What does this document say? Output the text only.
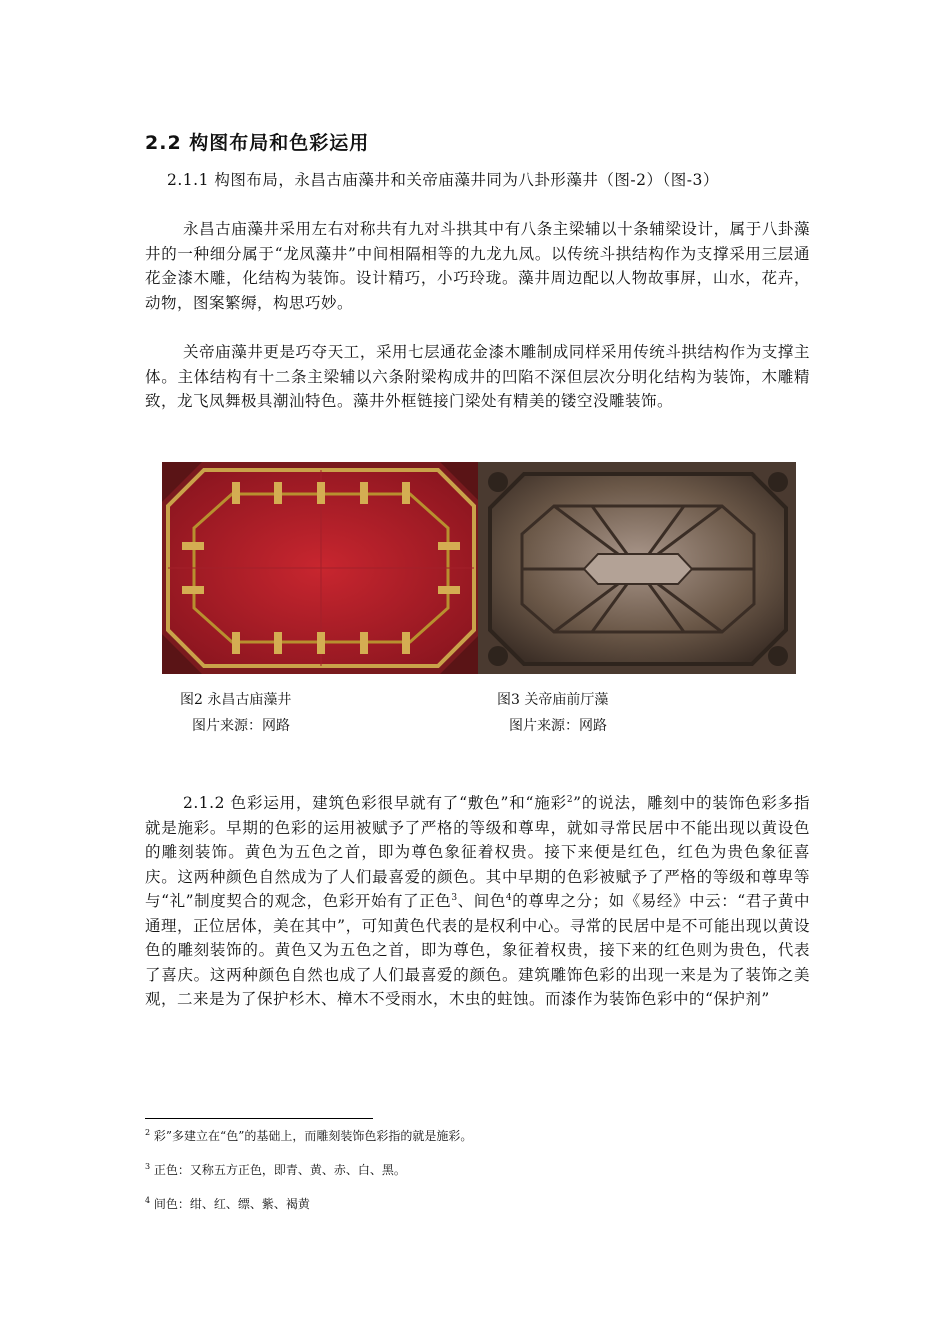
2.2 构图布局和色彩运用

2.1.1 构图布局，永昌古庙藻井和关帝庙藻井同为八卦形藻井（图-2）（图-3）

永昌古庙藻井采用左右对称共有九对斗拱其中有八条主梁辅以十条辅梁设计，属于八卦藻井的一种细分属于“龙凤藻井”中间相隔相等的九龙九凤。以传统斗拱结构作为支撑采用三层通花金漆木雕，化结构为装饰。设计精巧，小巧玲珑。藻井周边配以人物故事屏，山水，花卉，动物，图案繁缛，构思巧妙。

关帝庙藻井更是巧夺天工，采用七层通花金漆木雕制成同样采用传统斗拱结构作为支撑主体。主体结构有十二条主梁辅以六条附梁构成井的凹陷不深但层次分明化结构为装饰，木雕精致，龙飞凤舞极具潮汕特色。藻井外框链接门梁处有精美的镂空没雕装饰。

图2 永昌古庙藻井
图片来源：网路
图3 关帝庙前厅藻
图片来源：网路

2.1.2 色彩运用，建筑色彩很早就有了“敷色”和“施彩$^2$”的说法，雕刻中的装饰色彩多指就是施彩。早期的色彩的运用被赋予了严格的等级和尊卑，就如寻常民居中不能出现以黄设色的雕刻装饰。黄色为五色之首，即为尊色象征着权贵。接下来便是红色，红色为贵色象征喜庆。这两种颜色自然成为了人们最喜爱的颜色。其中早期的色彩被赋予了严格的等级和尊卑等与“礼”制度契合的观念，色彩开始有了正色$^3$、间色$^4$的尊卑之分；如《易经》中云：“君子黄中通理，正位居体，美在其中”，可知黄色代表的是权利中心。寻常的民居中是不可能出现以黄设色的雕刻装饰的。黄色又为五色之首，即为尊色，象征着权贵，接下来的红色则为贵色，代表了喜庆。这两种颜色自然也成了人们最喜爱的颜色。建筑雕饰色彩的出现一来是为了装饰之美观，二来是为了保护杉木、樟木不受雨水，木虫的蛀蚀。而漆作为装饰色彩中的“保护剂”

$^2$ 彩”多建立在“色”的基础上，而雕刻装饰色彩指的就是施彩。
$^3$ 正色：又称五方正色，即青、黄、赤、白、黑。
$^4$ 间色：绀、红、缥、紫、褐黄
